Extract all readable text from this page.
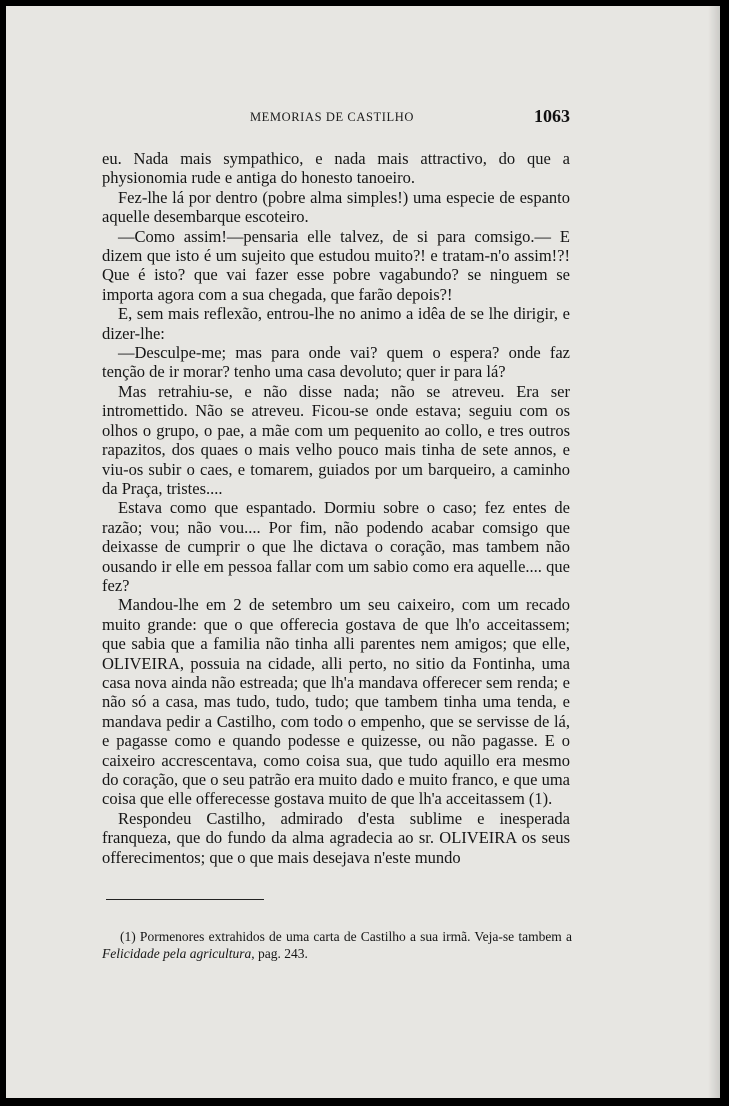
MEMORIAS DE CASTILHO	1063

eu. Nada mais sympathico, e nada mais attractivo, do que a physionomia rude e antiga do honesto tanoeiro.

Fez-lhe lá por dentro (pobre alma simples!) uma especie de espanto aquelle desembarque escoteiro.

—Como assim!—pensaria elle talvez, de si para comsigo.— E dizem que isto é um sujeito que estudou muito?! e tratam-n'o assim!?! Que é isto? que vai fazer esse pobre vagabundo? se ninguem se importa agora com a sua chegada, que farão depois?!

E, sem mais reflexão, entrou-lhe no animo a idêa de se lhe dirigir, e dizer-lhe:

—Desculpe-me; mas para onde vai? quem o espera? onde faz tenção de ir morar? tenho uma casa devoluto; quer ir para lá?

Mas retrahiu-se, e não disse nada; não se atreveu. Era ser intromettido. Não se atreveu. Ficou-se onde estava; seguiu com os olhos o grupo, o pae, a mãe com um pequenito ao collo, e tres outros rapazitos, dos quaes o mais velho pouco mais tinha de sete annos, e viu-os subir o caes, e tomarem, guiados por um barqueiro, a caminho da Praça, tristes....

Estava como que espantado. Dormiu sobre o caso; fez entes de razão; vou; não vou.... Por fim, não podendo acabar comsigo que deixasse de cumprir o que lhe dictava o coração, mas tambem não ousando ir elle em pessoa fallar com um sabio como era aquelle.... que fez?

Mandou-lhe em 2 de setembro um seu caixeiro, com um recado muito grande: que o que offerecia gostava de que lh'o acceitassem; que sabia que a familia não tinha alli parentes nem amigos; que elle, OLIVEIRA, possuia na cidade, alli perto, no sitio da Fontinha, uma casa nova ainda não estreada; que lh'a mandava offerecer sem renda; e não só a casa, mas tudo, tudo, tudo; que tambem tinha uma tenda, e mandava pedir a Castilho, com todo o empenho, que se servisse de lá, e pagasse como e quando podesse e quizesse, ou não pagasse. E o caixeiro accrescentava, como coisa sua, que tudo aquillo era mesmo do coração, que o seu patrão era muito dado e muito franco, e que uma coisa que elle offerecesse gostava muito de que lh'a acceitassem (1).

Respondeu Castilho, admirado d'esta sublime e inesperada franqueza, que do fundo da alma agradecia ao sr. OLIVEIRA os seus offerecimentos; que o que mais desejava n'este mundo

(1) Pormenores extrahidos de uma carta de Castilho a sua irmã. Veja-se tambem a Felicidade pela agricultura, pag. 243.
